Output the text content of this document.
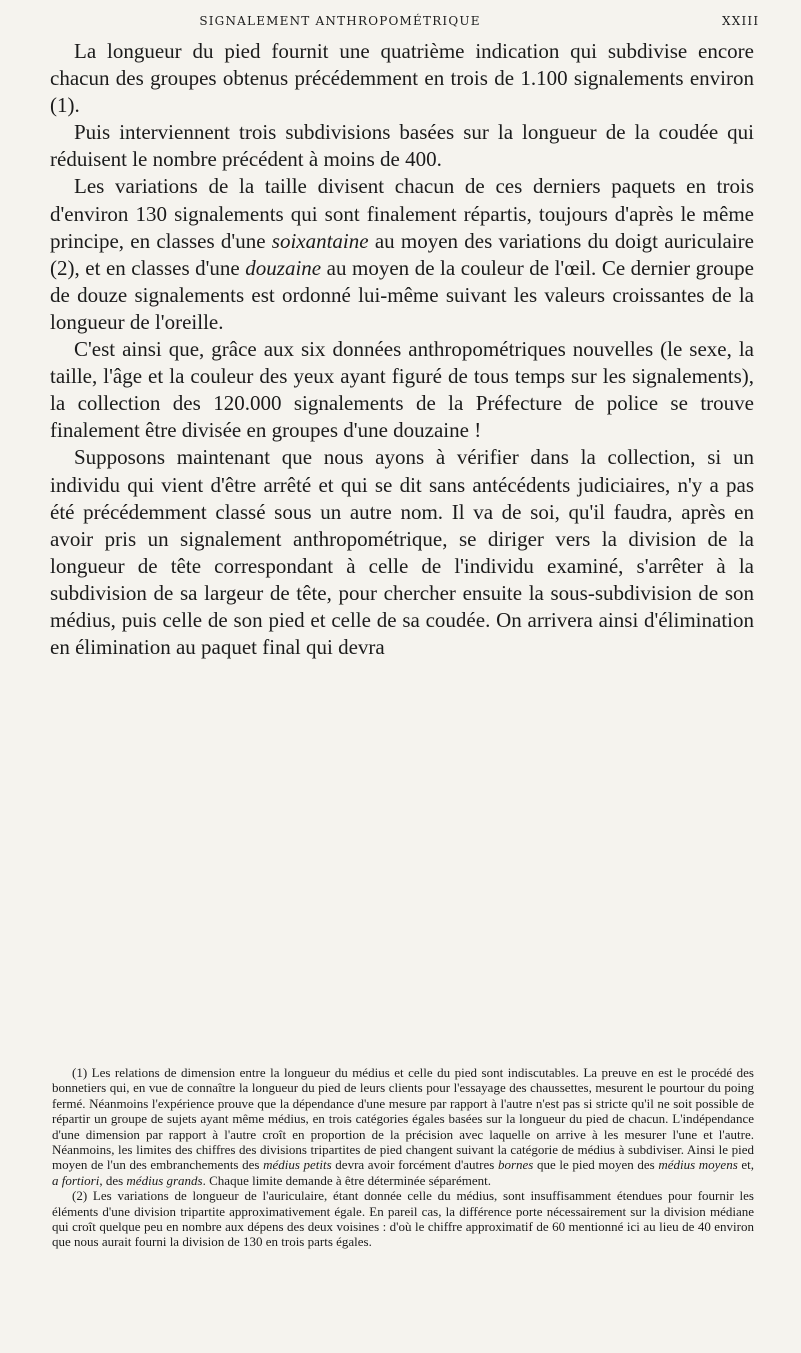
SIGNALEMENT ANTHROPOMÉTRIQUE	XXIII

La longueur du pied fournit une quatrième indication qui subdivise encore chacun des groupes obtenus précédemment en trois de 1.100 signalements environ (1).

Puis interviennent trois subdivisions basées sur la longueur de la coudée qui réduisent le nombre précédent à moins de 400.

Les variations de la taille divisent chacun de ces derniers paquets en trois d'environ 130 signalements qui sont finalement répartis, toujours d'après le même principe, en classes d'une soixantaine au moyen des variations du doigt auriculaire (2), et en classes d'une douzaine au moyen de la couleur de l'œil. Ce dernier groupe de douze signalements est ordonné lui-même suivant les valeurs croissantes de la longueur de l'oreille.

C'est ainsi que, grâce aux six données anthropométriques nouvelles (le sexe, la taille, l'âge et la couleur des yeux ayant figuré de tous temps sur les signalements), la collection des 120.000 signalements de la Préfecture de police se trouve finalement être divisée en groupes d'une douzaine !

Supposons maintenant que nous ayons à vérifier dans la collection, si un individu qui vient d'être arrêté et qui se dit sans antécédents judiciaires, n'y a pas été précédemment classé sous un autre nom. Il va de soi, qu'il faudra, après en avoir pris un signalement anthropométrique, se diriger vers la division de la longueur de tête correspondant à celle de l'individu examiné, s'arrêter à la subdivision de sa largeur de tête, pour chercher ensuite la sous-subdivision de son médius, puis celle de son pied et celle de sa coudée. On arrivera ainsi d'élimination en élimination au paquet final qui devra

(1) Les relations de dimension entre la longueur du médius et celle du pied sont indiscutables. La preuve en est le procédé des bonnetiers qui, en vue de connaître la longueur du pied de leurs clients pour l'essayage des chaussettes, mesurent le pourtour du poing fermé. Néanmoins l'expérience prouve que la dépendance d'une mesure par rapport à l'autre n'est pas si stricte qu'il ne soit possible de répartir un groupe de sujets ayant même médius, en trois catégories égales basées sur la longueur du pied de chacun. L'indépendance d'une dimension par rapport à l'autre croît en proportion de la précision avec laquelle on arrive à les mesurer l'une et l'autre. Néanmoins, les limites des chiffres des divisions tripartites de pied changent suivant la catégorie de médius à subdiviser. Ainsi le pied moyen de l'un des embranchements des médius petits devra avoir forcément d'autres bornes que le pied moyen des médius moyens et, a fortiori, des médius grands. Chaque limite demande à être déterminée séparément.

(2) Les variations de longueur de l'auriculaire, étant donnée celle du médius, sont insuffisamment étendues pour fournir les éléments d'une division tripartite approximativement égale. En pareil cas, la différence porte nécessairement sur la division médiane qui croît quelque peu en nombre aux dépens des deux voisines : d'où le chiffre approximatif de 60 mentionné ici au lieu de 40 environ que nous aurait fourni la division de 130 en trois parts égales.
